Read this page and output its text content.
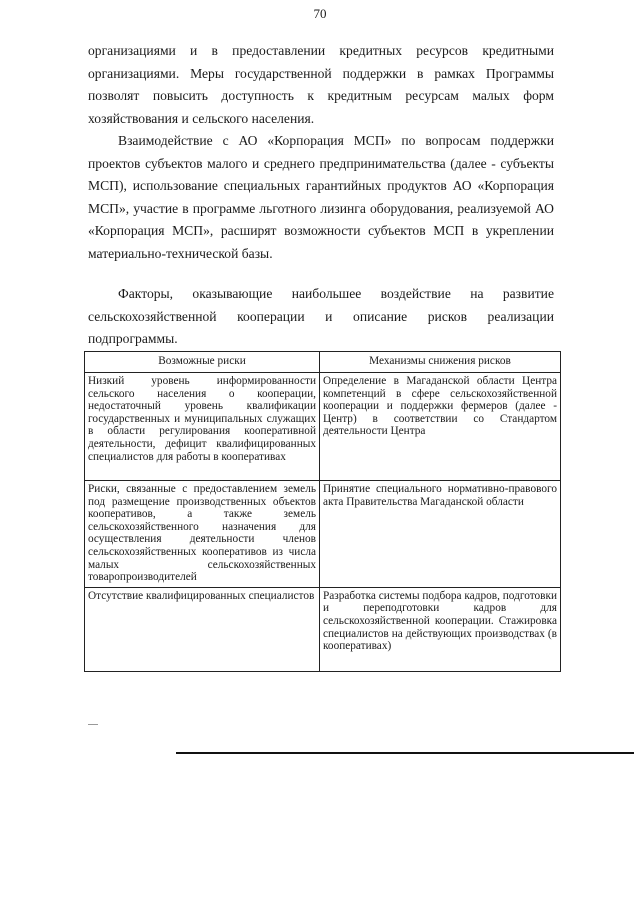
70

организациями и в предоставлении кредитных ресурсов кредитными организациями. Меры государственной поддержки в рамках Программы позволят повысить доступность к кредитным ресурсам малых форм хозяйствования и сельского населения.

Взаимодействие с АО «Корпорация МСП» по вопросам поддержки проектов субъектов малого и среднего предпринимательства (далее - субъекты МСП), использование специальных гарантийных продуктов АО «Корпорация МСП», участие в программе льготного лизинга оборудования, реализуемой АО «Корпорация МСП», расширят возможности субъектов МСП в укреплении материально-технической базы.

Факторы, оказывающие наибольшее воздействие на развитие сельскохозяйственной кооперации и описание рисков реализации подпрограммы.

Возможные риски	Механизмы снижения рисков
Низкий уровень информированности сельского населения о кооперации, недостаточный уровень квалификации государственных и муниципальных служащих в области регулирования кооперативной деятельности, дефицит квалифицированных специалистов для работы в кооперативах	Определение в Магаданской области Центра компетенций в сфере сельскохозяйственной кооперации и поддержки фермеров (далее - Центр) в соответствии со Стандартом деятельности Центра
Риски, связанные с предоставлением земель под размещение производственных объектов кооперативов, а также земель сельскохозяйственного назначения для осуществления деятельности членов сельскохозяйственных кооперативов из числа малых сельскохозяйственных товаропроизводителей	Принятие специального нормативно-правового акта Правительства Магаданской области
Отсутствие квалифицированных специалистов	Разработка системы подбора кадров, подготовки и переподготовки кадров для сельскохозяйственной кооперации. Стажировка специалистов на действующих производствах (в кооперативах)
